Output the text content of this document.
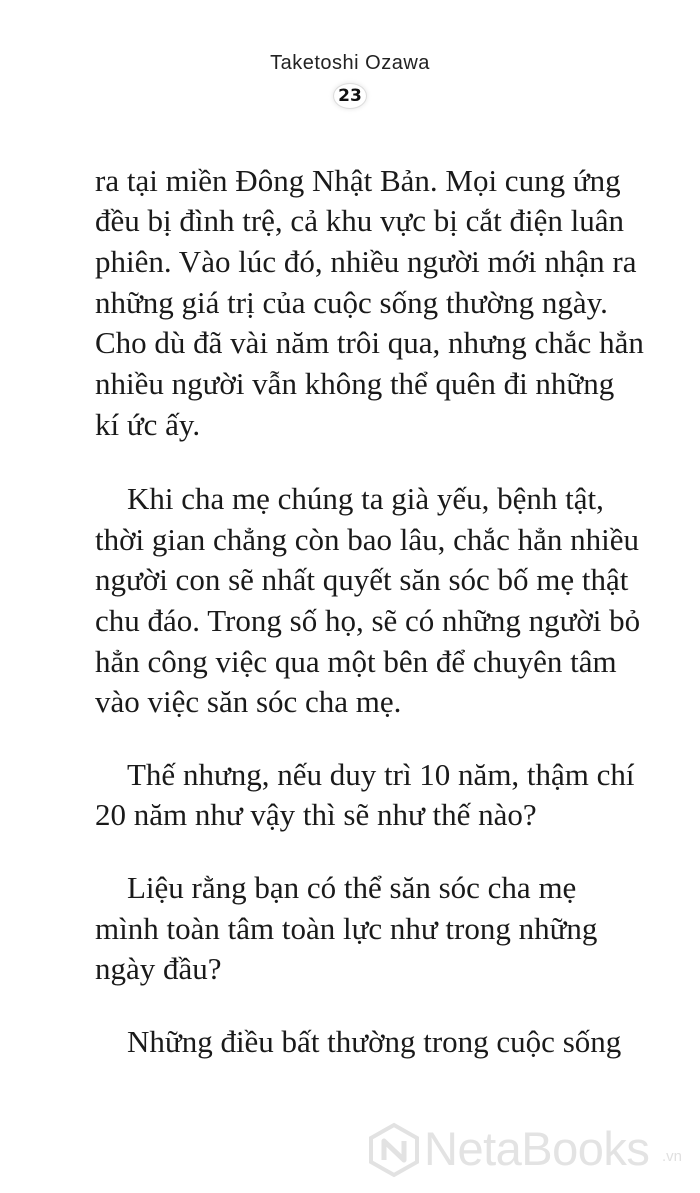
Taketoshi Ozawa
23
ra tại miền Đông Nhật Bản. Mọi cung ứng
đều bị đình trệ, cả khu vực bị cắt điện luân
phiên. Vào lúc đó, nhiều người mới nhận ra
những giá trị của cuộc sống thường ngày.
Cho dù đã vài năm trôi qua, nhưng chắc hẳn
nhiều người vẫn không thể quên đi những
kí ức ấy.
Khi cha mẹ chúng ta già yếu, bệnh tật,
thời gian chẳng còn bao lâu, chắc hẳn nhiều
người con sẽ nhất quyết săn sóc bố mẹ thật
chu đáo. Trong số họ, sẽ có những người bỏ
hẳn công việc qua một bên để chuyên tâm
vào việc săn sóc cha mẹ.
Thế nhưng, nếu duy trì 10 năm, thậm chí
20 năm như vậy thì sẽ như thế nào?
Liệu rằng bạn có thể săn sóc cha mẹ
mình toàn tâm toàn lực như trong những
ngày đầu?
Những điều bất thường trong cuộc sống
NetaBooks .vn
